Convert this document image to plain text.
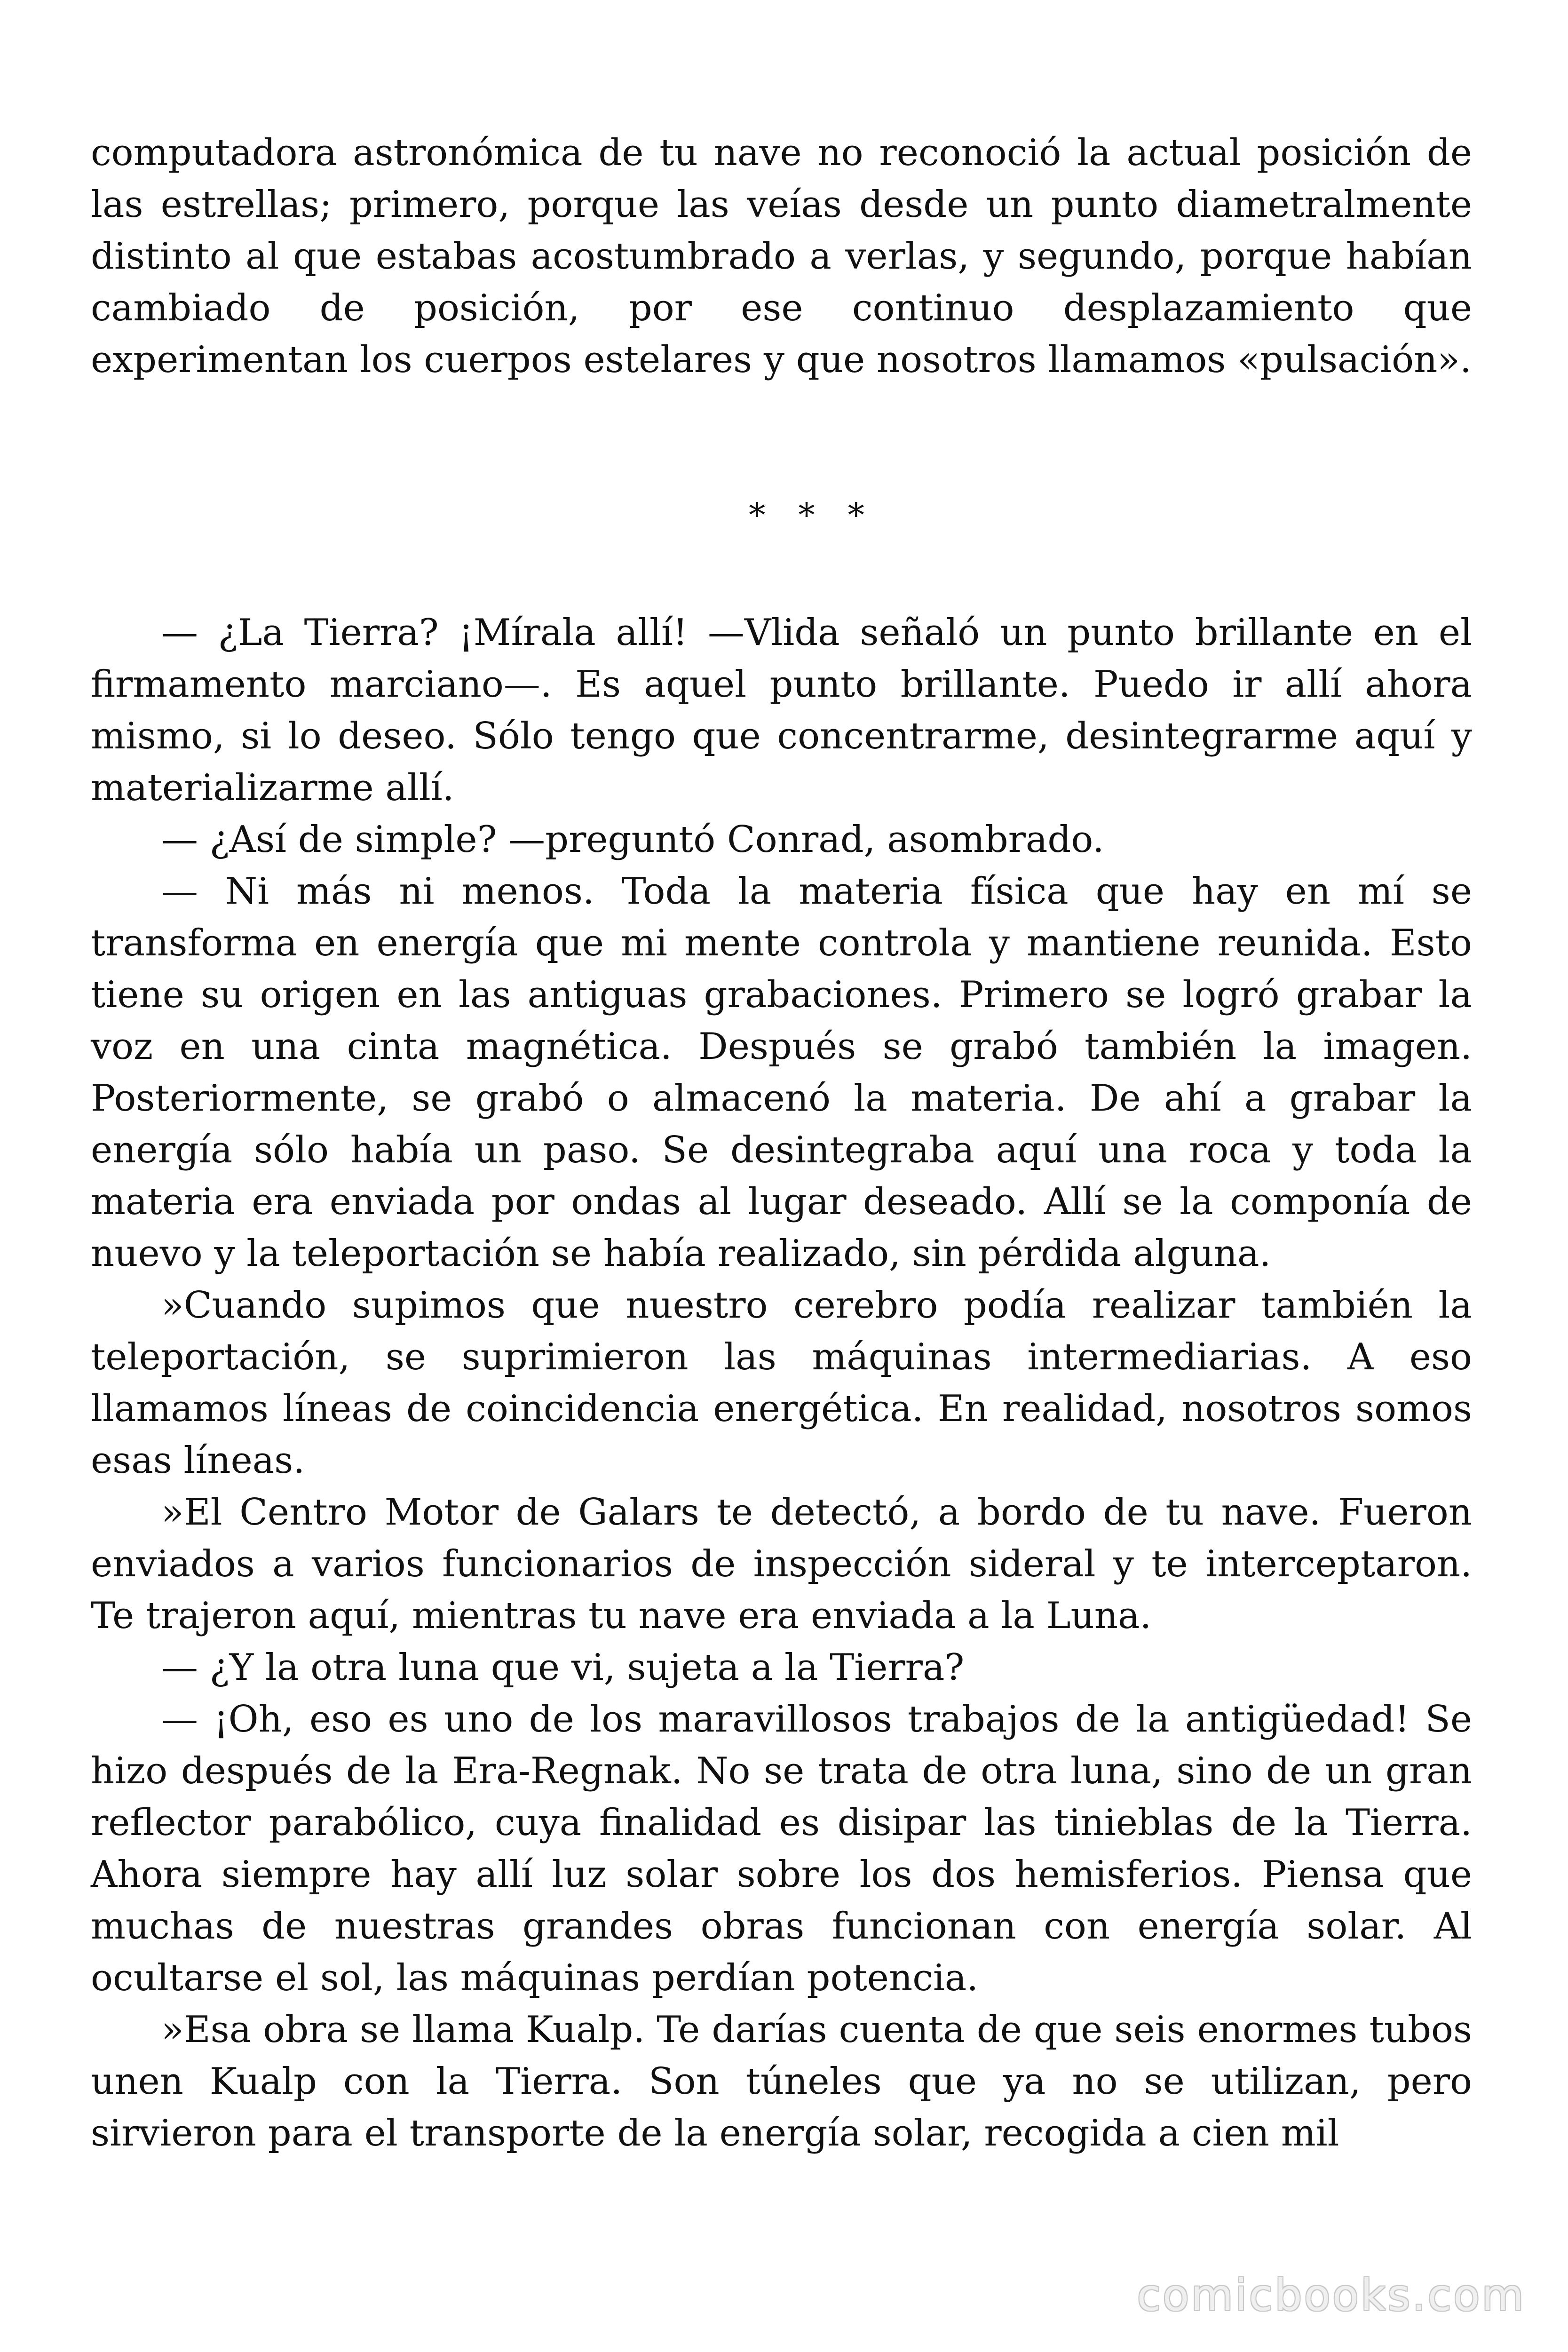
computadora astronómica de tu nave no reconoció la actual posición de las estrellas; primero, porque las veías desde un punto diametralmente distinto al que estabas acostumbrado a verlas, y segundo, porque habían cambiado de posición, por ese continuo desplazamiento que experimentan los cuerpos estelares y que nosotros llamamos «pulsación».

* * *

— ¿La Tierra? ¡Mírala allí! —Vlida señaló un punto brillante en el firmamento marciano—. Es aquel punto brillante. Puedo ir allí ahora mismo, si lo deseo. Sólo tengo que concentrarme, desintegrarme aquí y materializarme allí.

— ¿Así de simple? —preguntó Conrad, asombrado.

— Ni más ni menos. Toda la materia física que hay en mí se transforma en energía que mi mente controla y mantiene reunida. Esto tiene su origen en las antiguas grabaciones. Primero se logró grabar la voz en una cinta magnética. Después se grabó también la imagen. Posteriormente, se grabó o almacenó la materia. De ahí a grabar la energía sólo había un paso. Se desintegraba aquí una roca y toda la materia era enviada por ondas al lugar deseado. Allí se la componía de nuevo y la teleportación se había realizado, sin pérdida alguna.

»Cuando supimos que nuestro cerebro podía realizar también la teleportación, se suprimieron las máquinas intermediarias. A eso llamamos líneas de coincidencia energética. En realidad, nosotros somos esas líneas.

»El Centro Motor de Galars te detectó, a bordo de tu nave. Fueron enviados a varios funcionarios de inspección sideral y te interceptaron. Te trajeron aquí, mientras tu nave era enviada a la Luna.

— ¿Y la otra luna que vi, sujeta a la Tierra?

— ¡Oh, eso es uno de los maravillosos trabajos de la antigüedad! Se hizo después de la Era-Regnak. No se trata de otra luna, sino de un gran reflector parabólico, cuya finalidad es disipar las tinieblas de la Tierra. Ahora siempre hay allí luz solar sobre los dos hemisferios. Piensa que muchas de nuestras grandes obras funcionan con energía solar. Al ocultarse el sol, las máquinas perdían potencia.

»Esa obra se llama Kualp. Te darías cuenta de que seis enormes tubos unen Kualp con la Tierra. Son túneles que ya no se utilizan, pero sirvieron para el transporte de la energía solar, recogida a cien mil

comicbooks.com
